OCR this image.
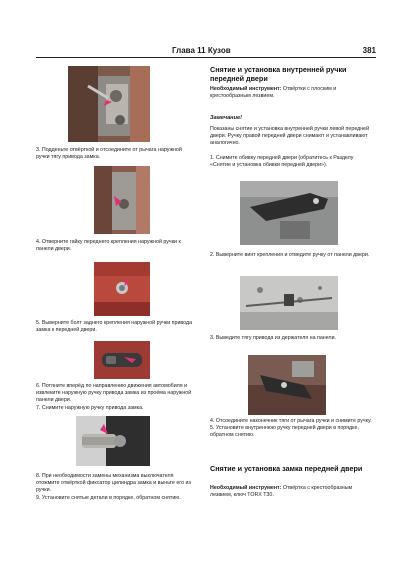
Глава 11 Кузов	381
3. Подденьте отвёрткой и отсоедините от рычага наружной ручки тягу привода замка.
4. Отверните гайку переднего крепления наружной ручки к панели двери.
5. Выверните болт заднего крепления наружной ручки привода замка к передней двери.

6. Потяните вперёд по направлению движения автомобиля и извлеките наружную ручку привода замка из проёма наружной панели двери.

7. Снимите наружную ручку привода замка.

8. При необходимости замены механизма выключателя отожмите отвёрткой фиксатор цилиндра замка и выньте его из ручки.

9. Установите снятые детали в порядке, обратном снятию.

Снятие и установка внутренней ручки передней двери
Необходимый инструмент: Отвёртки с плоским и крестообразным лезвием.
Замечание!
Показаны снятие и установка внутренней ручки левой передней двери. Ручку правой передней двери снимают и устанавливают аналогично.
1. Снимите обивку передней двери (обратитесь к Разделу «Снятие и установка обивки передней двери»).
2. Выверните винт крепления и отведите ручку от панели двери.
3. Выведите тягу привода из держателя на панели.

4. Отсоедините наконечник тяги от рычага ручки и снимите ручку.

5. Установите внутреннюю ручку передней двери в порядке, обратном снятию.

Снятие и установка замка передней двери
Необходимый инструмент: Отвёртка с крестообразным лезвием, ключ TORX T30.
